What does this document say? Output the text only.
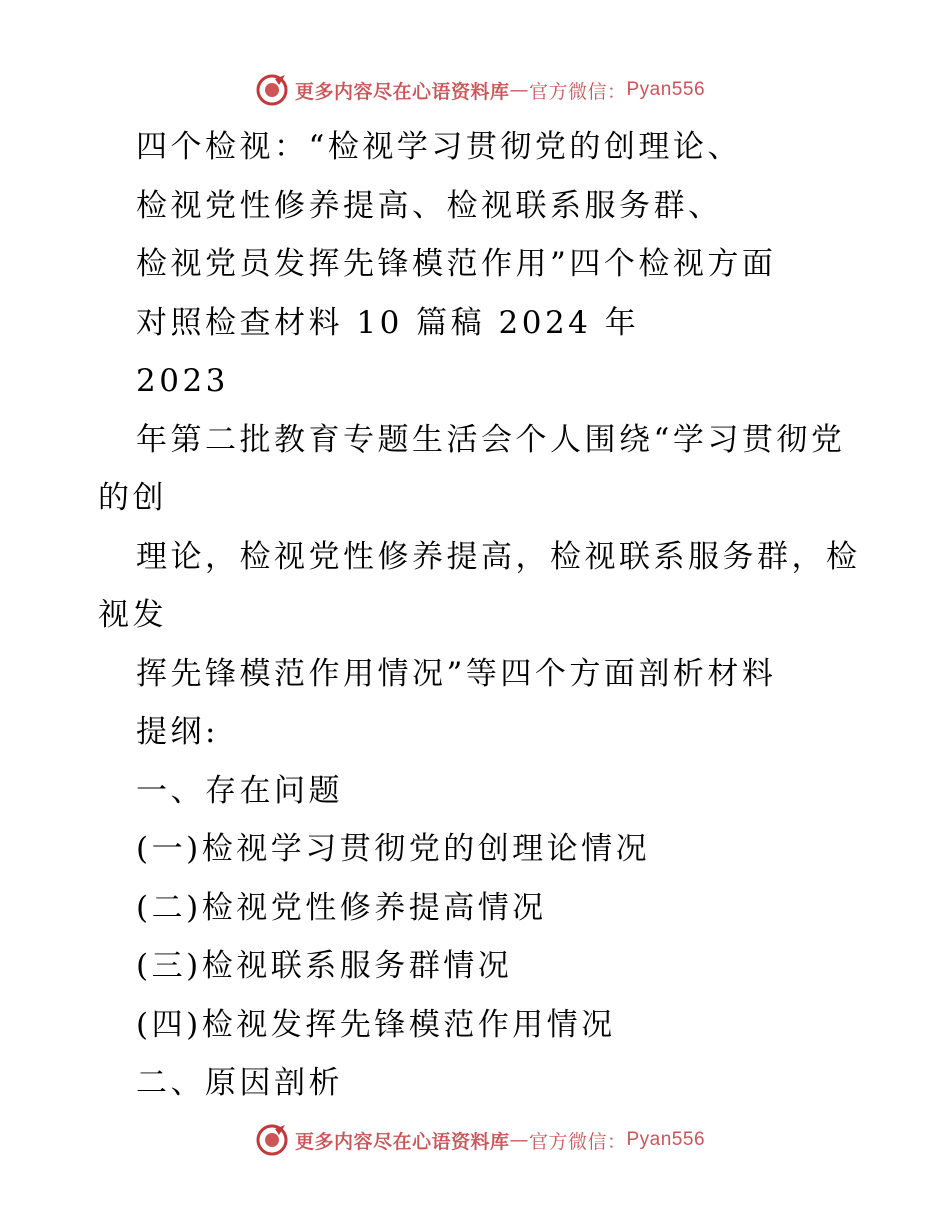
更多内容尽在心语资料库 — 官方微信： Pyan556
四个检视：“检视学习贯彻党的创理论、
检视党性修养提高、检视联系服务群、
检视党员发挥先锋模范作用”四个检视方面
对照检查材料 10 篇稿 2024 年
2023
年第二批教育专题生活会个人围绕“学习贯彻党
的创
理论，检视党性修养提高，检视联系服务群，检
视发
挥先锋模范作用情况”等四个方面剖析材料
提纲:
一、存在问题
(一)检视学习贯彻党的创理论情况
(二)检视党性修养提高情况
(三)检视联系服务群情况
(四)检视发挥先锋模范作用情况
二、原因剖析
更多内容尽在心语资料库 — 官方微信： Pyan556
